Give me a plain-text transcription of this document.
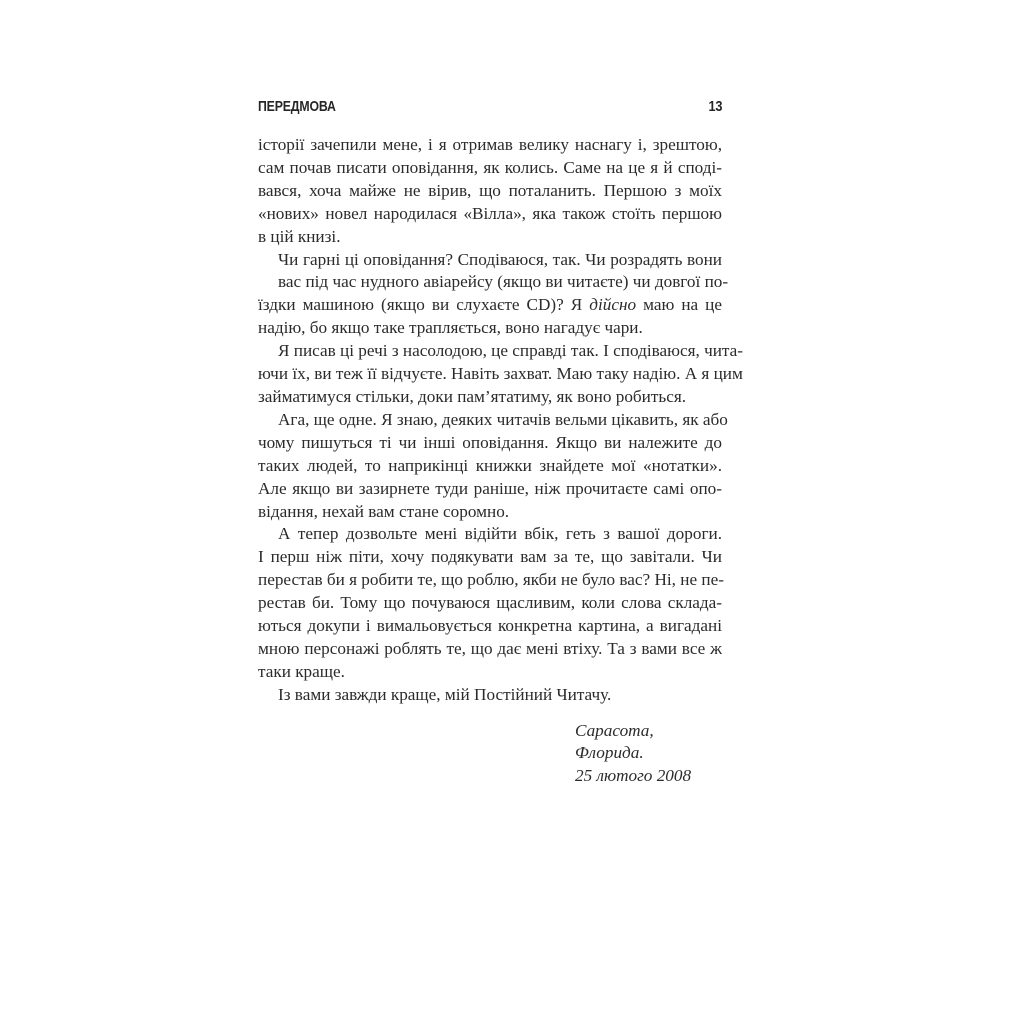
ПЕРЕДМОВА	13

історії зачепили мене, і я отримав велику наснагу і, зрештою,
сам почав писати оповідання, як колись. Саме на це я й сподi-
вався, хоча майже не вірив, що поталанить. Першою з моїх
«нових» новел народилася «Вілла», яка також стоїть першою
в цій книзі.

Чи гарні ці оповідання? Сподіваюся, так. Чи розрадять вони
вас під час нудного авіарейсу (якщо ви читаєте) чи довгої по-
їздки машиною (якщо ви слухаєте CD)? Я дійсно маю на це
надію, бо якщо таке трапляється, воно нагадує чари.

Я писав ці речі з насолодою, це справді так. І сподіваюся, чита-
ючи їх, ви теж її відчуєте. Навіть захват. Маю таку надію. А я цим
займатимуся стільки, доки пам’ятатиму, як воно робиться.

Ага, ще одне. Я знаю, деяких читачів вельми цікавить, як або
чому пишуться ті чи інші оповідання. Якщо ви належите до
таких людей, то наприкінці книжки знайдете мої «нотатки».
Але якщо ви зазирнете туди раніше, ніж прочитаєте самі опо-
відання, нехай вам стане соромно.

А тепер дозвольте мені відійти вбік, геть з вашої дороги.
І перш ніж піти, хочу подякувати вам за те, що завітали. Чи
перестав би я робити те, що роблю, якби не було вас? Ні, не пе-
рестав би. Тому що почуваюся щасливим, коли слова склада-
ються докупи і вимальовується конкретна картина, а вигадані
мною персонажі роблять те, що дає мені втіху. Та з вами все ж
таки краще.

Із вами завжди краще, мій Постійний Читачу.

Сарасота, Флорида.
25 лютого 2008
